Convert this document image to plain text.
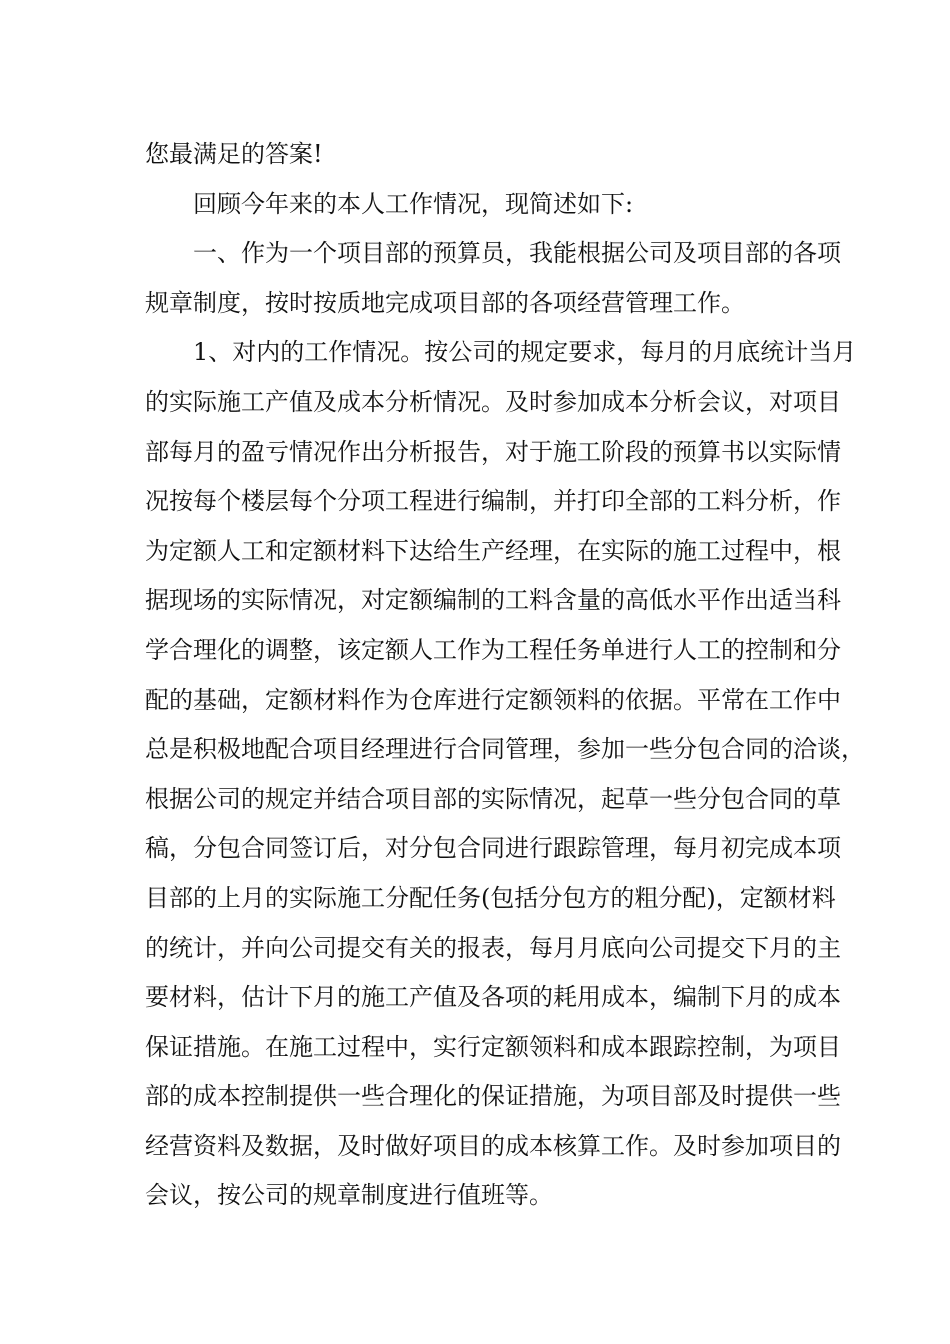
您最满足的答案!
回顾今年来的本人工作情况，现简述如下:
一、作为一个项目部的预算员，我能根据公司及项目部的各项
规章制度，按时按质地完成项目部的各项经营管理工作。
1、对内的工作情况。按公司的规定要求，每月的月底统计当月
的实际施工产值及成本分析情况。及时参加成本分析会议，对项目
部每月的盈亏情况作出分析报告，对于施工阶段的预算书以实际情
况按每个楼层每个分项工程进行编制，并打印全部的工料分析，作
为定额人工和定额材料下达给生产经理，在实际的施工过程中，根
据现场的实际情况，对定额编制的工料含量的高低水平作出适当科
学合理化的调整，该定额人工作为工程任务单进行人工的控制和分
配的基础，定额材料作为仓库进行定额领料的依据。平常在工作中
总是积极地配合项目经理进行合同管理，参加一些分包合同的洽谈，
根据公司的规定并结合项目部的实际情况，起草一些分包合同的草
稿，分包合同签订后，对分包合同进行跟踪管理，每月初完成本项
目部的上月的实际施工分配任务(包括分包方的粗分配)，定额材料
的统计，并向公司提交有关的报表，每月月底向公司提交下月的主
要材料，估计下月的施工产值及各项的耗用成本，编制下月的成本
保证措施。在施工过程中，实行定额领料和成本跟踪控制，为项目
部的成本控制提供一些合理化的保证措施，为项目部及时提供一些
经营资料及数据，及时做好项目的成本核算工作。及时参加项目的
会议，按公司的规章制度进行值班等。
